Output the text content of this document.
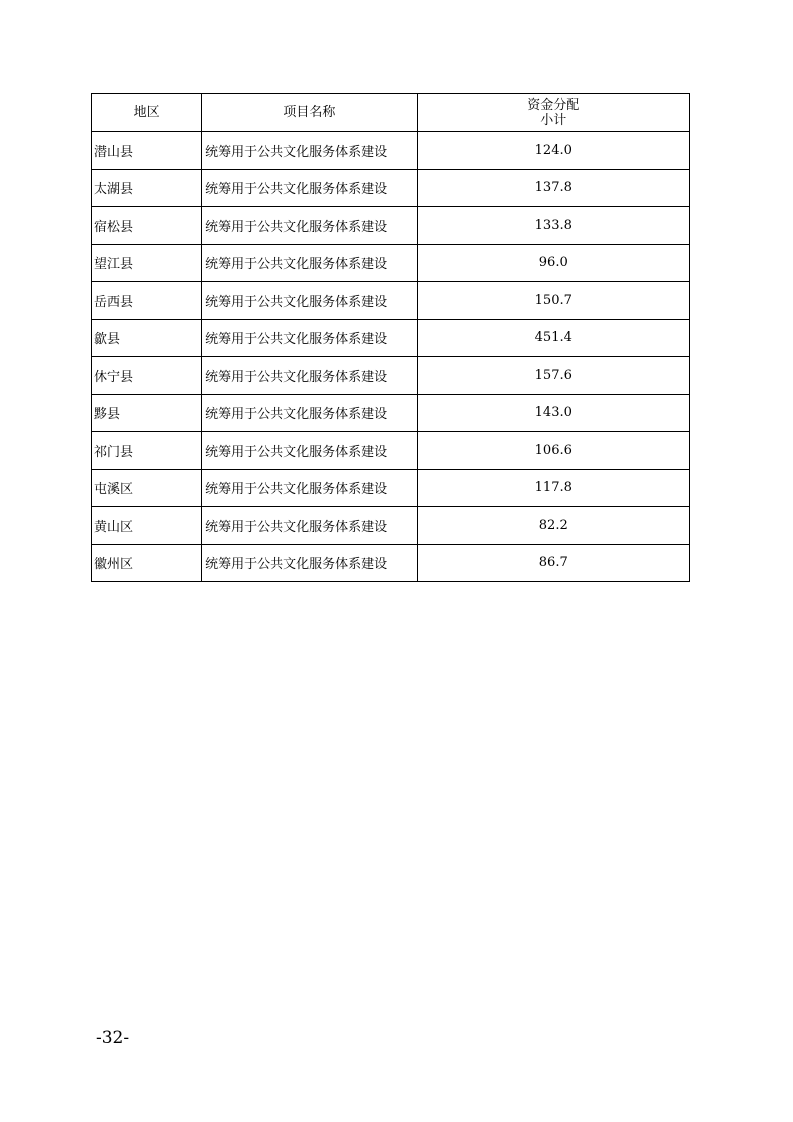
地区	项目名称	资金分配
小计

潜山县	统筹用于公共文化服务体系建设	124.0
太湖县	统筹用于公共文化服务体系建设	137.8
宿松县	统筹用于公共文化服务体系建设	133.8
望江县	统筹用于公共文化服务体系建设	96.0
岳西县	统筹用于公共文化服务体系建设	150.7
歙县	统筹用于公共文化服务体系建设	451.4
休宁县	统筹用于公共文化服务体系建设	157.6
黟县	统筹用于公共文化服务体系建设	143.0
祁门县	统筹用于公共文化服务体系建设	106.6
屯溪区	统筹用于公共文化服务体系建设	117.8
黄山区	统筹用于公共文化服务体系建设	82.2
徽州区	统筹用于公共文化服务体系建设	86.7
-32-
